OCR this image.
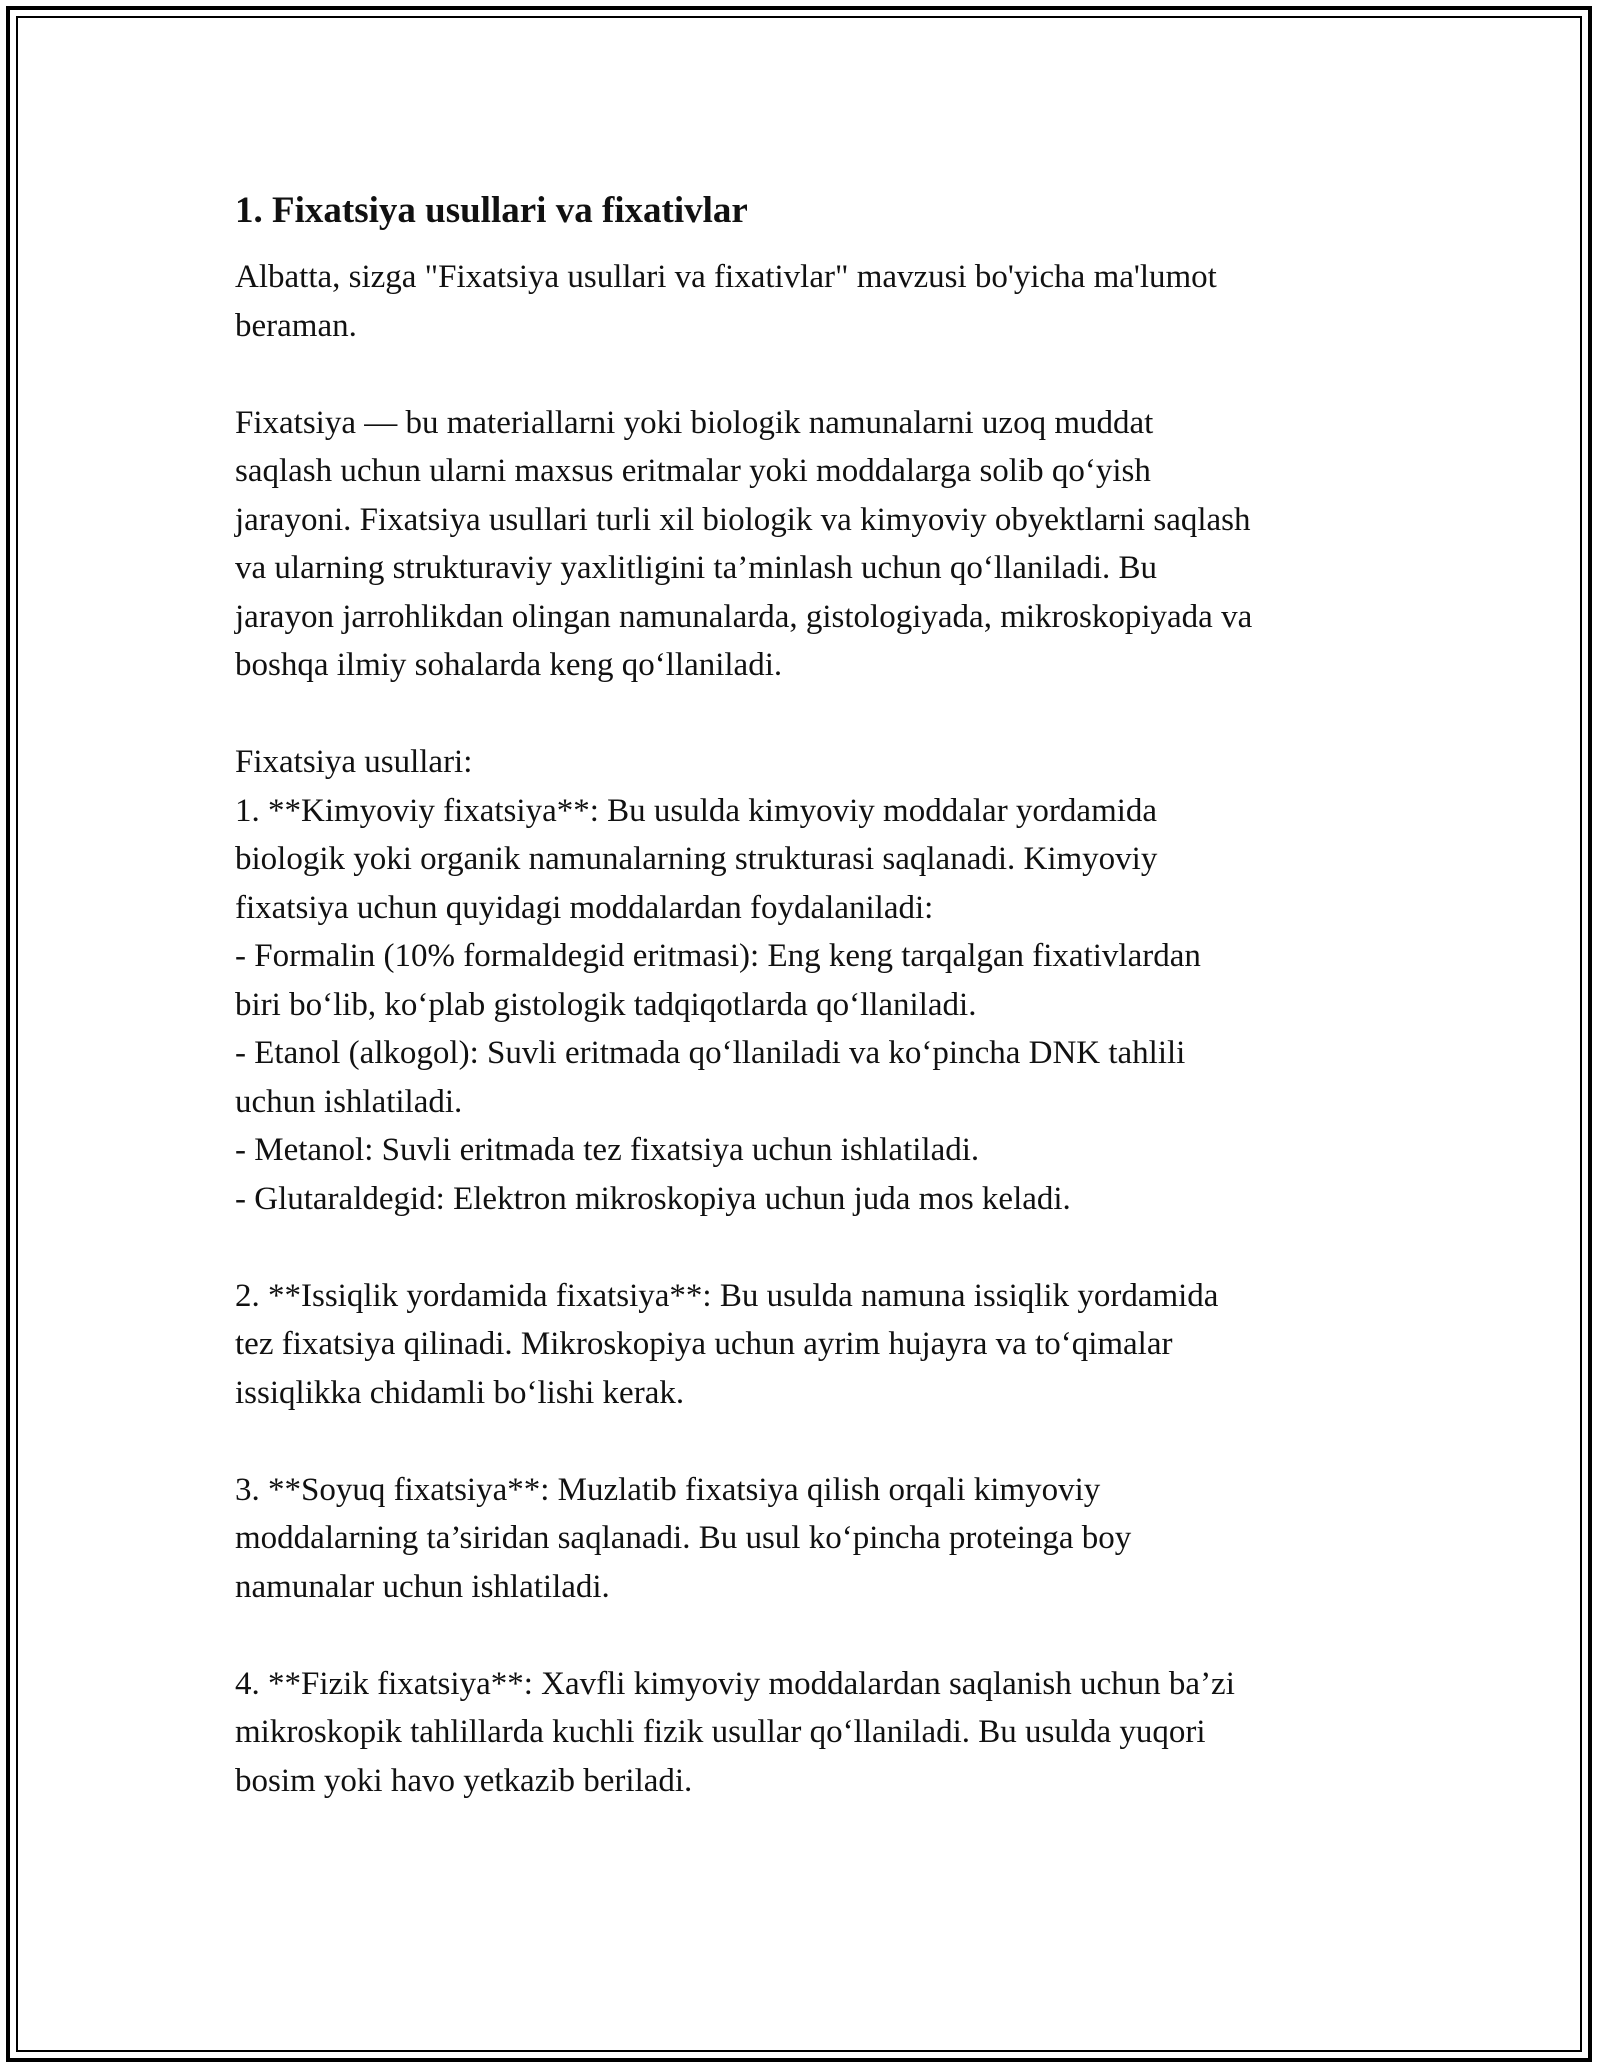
1. Fixatsiya usullari va fixativlar

Albatta, sizga "Fixatsiya usullari va fixativlar" mavzusi bo'yicha ma'lumot
beraman.

Fixatsiya — bu materiallarni yoki biologik namunalarni uzoq muddat
saqlash uchun ularni maxsus eritmalar yoki moddalarga solib qo‘yish
jarayoni. Fixatsiya usullari turli xil biologik va kimyoviy obyektlarni saqlash
va ularning strukturaviy yaxlitligini ta’minlash uchun qo‘llaniladi. Bu
jarayon jarrohlikdan olingan namunalarda, gistologiyada, mikroskopiyada va
boshqa ilmiy sohalarda keng qo‘llaniladi.

Fixatsiya usullari:
1. **Kimyoviy fixatsiya**: Bu usulda kimyoviy moddalar yordamida
biologik yoki organik namunalarning strukturasi saqlanadi. Kimyoviy
fixatsiya uchun quyidagi moddalardan foydalaniladi:
- Formalin (10% formaldegid eritmasi): Eng keng tarqalgan fixativlardan
biri bo‘lib, ko‘plab gistologik tadqiqotlarda qo‘llaniladi.
- Etanol (alkogol): Suvli eritmada qo‘llaniladi va ko‘pincha DNK tahlili
uchun ishlatiladi.
- Metanol: Suvli eritmada tez fixatsiya uchun ishlatiladi.
- Glutaraldegid: Elektron mikroskopiya uchun juda mos keladi.

2. **Issiqlik yordamida fixatsiya**: Bu usulda namuna issiqlik yordamida
tez fixatsiya qilinadi. Mikroskopiya uchun ayrim hujayra va to‘qimalar
issiqlikka chidamli bo‘lishi kerak.

3. **Soyuq fixatsiya**: Muzlatib fixatsiya qilish orqali kimyoviy
moddalarning ta’siridan saqlanadi. Bu usul ko‘pincha proteinga boy
namunalar uchun ishlatiladi.

4. **Fizik fixatsiya**: Xavfli kimyoviy moddalardan saqlanish uchun ba’zi
mikroskopik tahlillarda kuchli fizik usullar qo‘llaniladi. Bu usulda yuqori
bosim yoki havo yetkazib beriladi.
